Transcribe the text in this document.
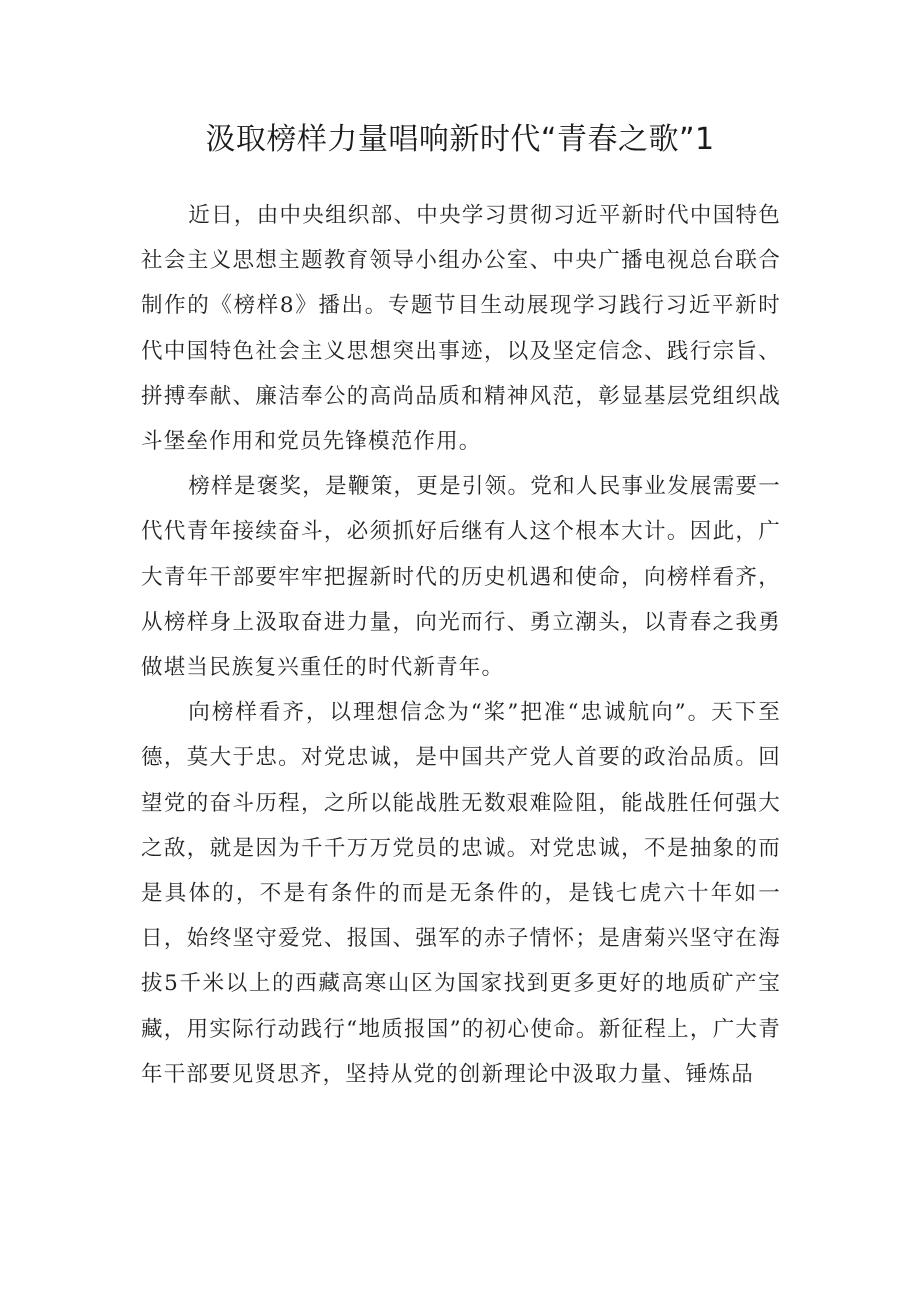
汲取榜样力量唱响新时代“青春之歌”1

近日，由中央组织部、中央学习贯彻习近平新时代中国特色社会主义思想主题教育领导小组办公室、中央广播电视总台联合制作的《榜样8》播出。专题节目生动展现学习践行习近平新时代中国特色社会主义思想突出事迹，以及坚定信念、践行宗旨、拼搏奉献、廉洁奉公的高尚品质和精神风范，彰显基层党组织战斗堡垒作用和党员先锋模范作用。

榜样是褒奖，是鞭策，更是引领。党和人民事业发展需要一代代青年接续奋斗，必须抓好后继有人这个根本大计。因此，广大青年干部要牢牢把握新时代的历史机遇和使命，向榜样看齐，从榜样身上汲取奋进力量，向光而行、勇立潮头，以青春之我勇做堪当民族复兴重任的时代新青年。

向榜样看齐，以理想信念为“桨”把准“忠诚航向”。天下至德，莫大于忠。对党忠诚，是中国共产党人首要的政治品质。回望党的奋斗历程，之所以能战胜无数艰难险阻，能战胜任何强大之敌，就是因为千千万万党员的忠诚。对党忠诚，不是抽象的而是具体的，不是有条件的而是无条件的，是钱七虎六十年如一日，始终坚守爱党、报国、强军的赤子情怀；是唐菊兴坚守在海拔5千米以上的西藏高寒山区为国家找到更多更好的地质矿产宝藏，用实际行动践行“地质报国”的初心使命。新征程上，广大青年干部要见贤思齐，坚持从党的创新理论中汲取力量、锤炼品
